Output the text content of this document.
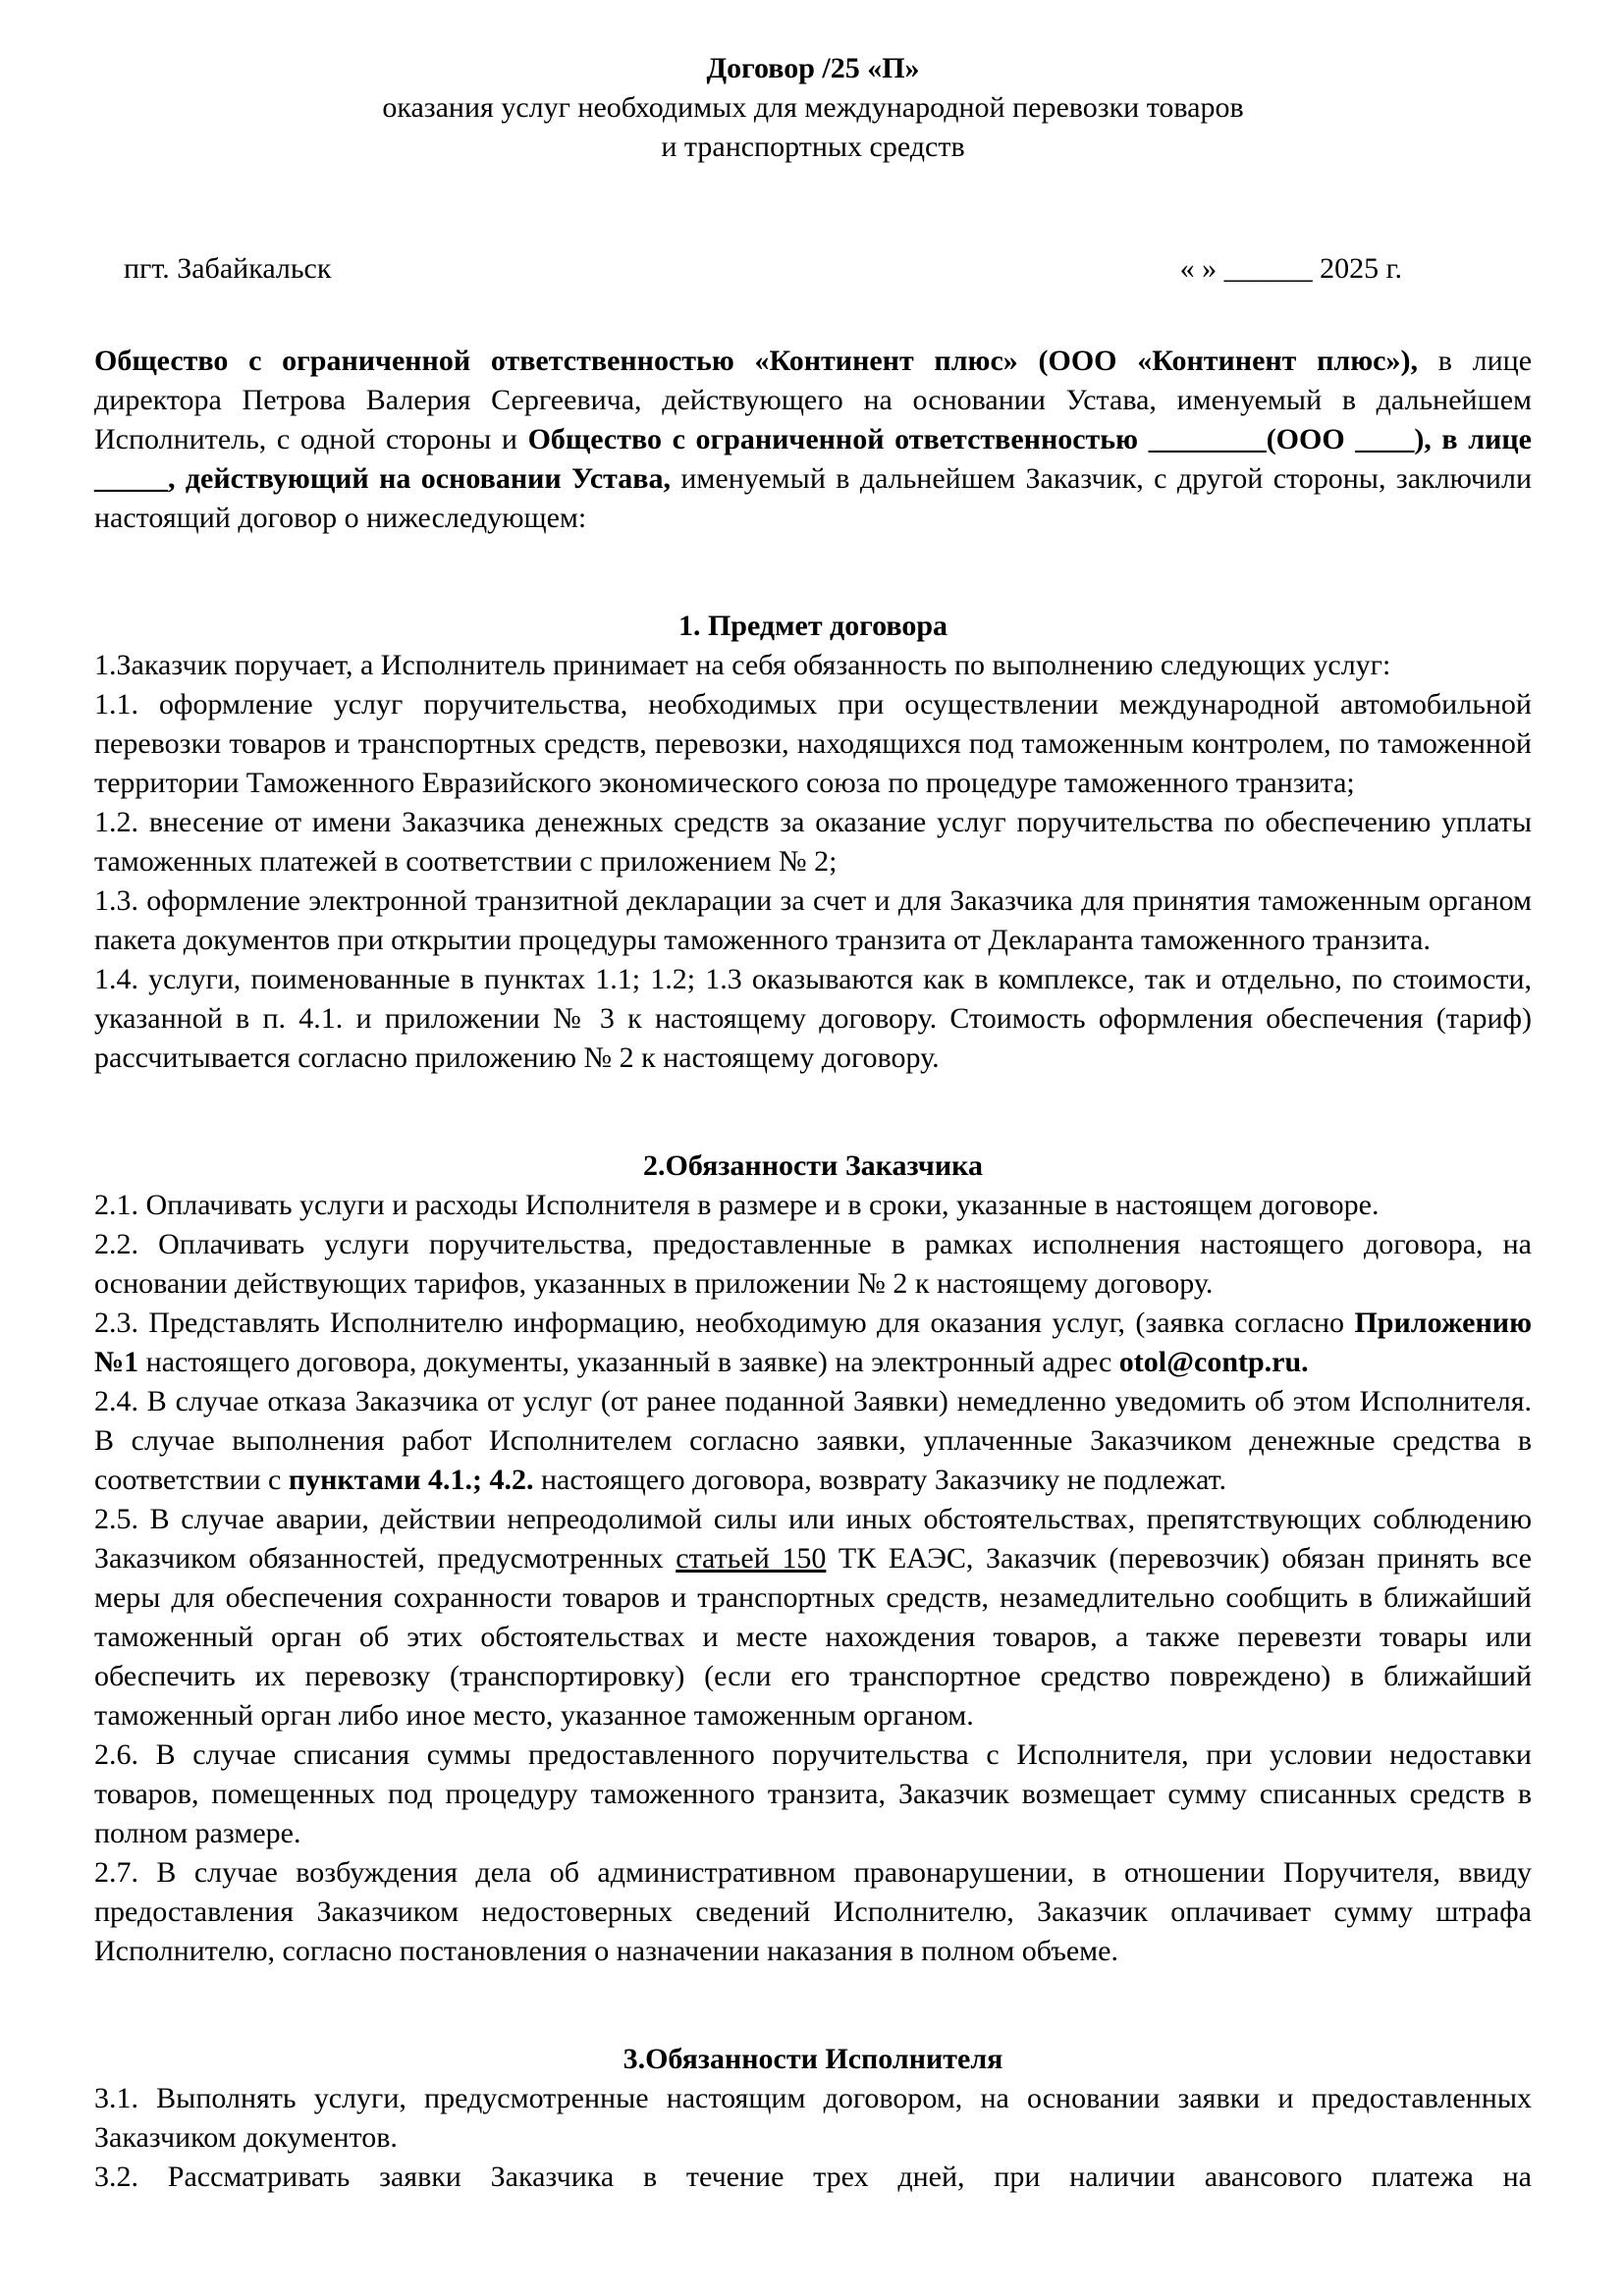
Договор /25 «П»
оказания услуг необходимых для международной перевозки товаров
и транспортных средств
пгт. Забайкальск	« » ______ 2025 г.

Общество с ограниченной ответственностью «Континент плюс» (ООО «Континент плюс»), в лице директора Петрова Валерия Сергеевича, действующего на основании Устава, именуемый в дальнейшем Исполнитель, с одной стороны и Общество с ограниченной ответственностью ________(ООО ____), в лице _____, действующий на основании Устава, именуемый в дальнейшем Заказчик, с другой стороны, заключили настоящий договор о нижеследующем:

1. Предмет договора

1.Заказчик поручает, а Исполнитель принимает на себя обязанность по выполнению следующих услуг:

1.1. оформление услуг поручительства, необходимых при осуществлении международной автомобильной перевозки товаров и транспортных средств, перевозки, находящихся под таможенным контролем, по таможенной территории Таможенного Евразийского экономического союза по процедуре таможенного транзита;

1.2. внесение от имени Заказчика денежных средств за оказание услуг поручительства по обеспечению уплаты таможенных платежей в соответствии с приложением № 2;

1.3. оформление электронной транзитной декларации за счет и для Заказчика для принятия таможенным органом пакета документов при открытии процедуры таможенного транзита от Декларанта таможенного транзита.

1.4. услуги, поименованные в пунктах 1.1; 1.2; 1.3 оказываются как в комплексе, так и отдельно, по стоимости, указанной в п. 4.1. и приложении № 3 к настоящему договору. Стоимость оформления обеспечения (тариф) рассчитывается согласно приложению № 2 к настоящему договору.

2.Обязанности Заказчика

2.1. Оплачивать услуги и расходы Исполнителя в размере и в сроки, указанные в настоящем договоре.

2.2. Оплачивать услуги поручительства, предоставленные в рамках исполнения настоящего договора, на основании действующих тарифов, указанных в приложении № 2 к настоящему договору.

2.3. Представлять Исполнителю информацию, необходимую для оказания услуг, (заявка согласно Приложению №1 настоящего договора, документы, указанный в заявке) на электронный адрес otol@contp.ru.

2.4. В случае отказа Заказчика от услуг (от ранее поданной Заявки) немедленно уведомить об этом Исполнителя. В случае выполнения работ Исполнителем согласно заявки, уплаченные Заказчиком денежные средства в соответствии с пунктами 4.1.; 4.2. настоящего договора, возврату Заказчику не подлежат.

2.5. В случае аварии, действии непреодолимой силы или иных обстоятельствах, препятствующих соблюдению Заказчиком обязанностей, предусмотренных статьей 150 ТК ЕАЭС, Заказчик (перевозчик) обязан принять все меры для обеспечения сохранности товаров и транспортных средств, незамедлительно сообщить в ближайший таможенный орган об этих обстоятельствах и месте нахождения товаров, а также перевезти товары или обеспечить их перевозку (транспортировку) (если его транспортное средство повреждено) в ближайший таможенный орган либо иное место, указанное таможенным органом.

2.6. В случае списания суммы предоставленного поручительства с Исполнителя, при условии недоставки товаров, помещенных под процедуру таможенного транзита, Заказчик возмещает сумму списанных средств в полном размере.

2.7. В случае возбуждения дела об административном правонарушении, в отношении Поручителя, ввиду предоставления Заказчиком недостоверных сведений Исполнителю, Заказчик оплачивает сумму штрафа Исполнителю, согласно постановления о назначении наказания в полном объеме.

3.Обязанности Исполнителя

3.1. Выполнять услуги, предусмотренные настоящим договором, на основании заявки и предоставленных Заказчиком документов.

3.2. Рассматривать заявки Заказчика в течение трех дней, при наличии авансового платежа на
